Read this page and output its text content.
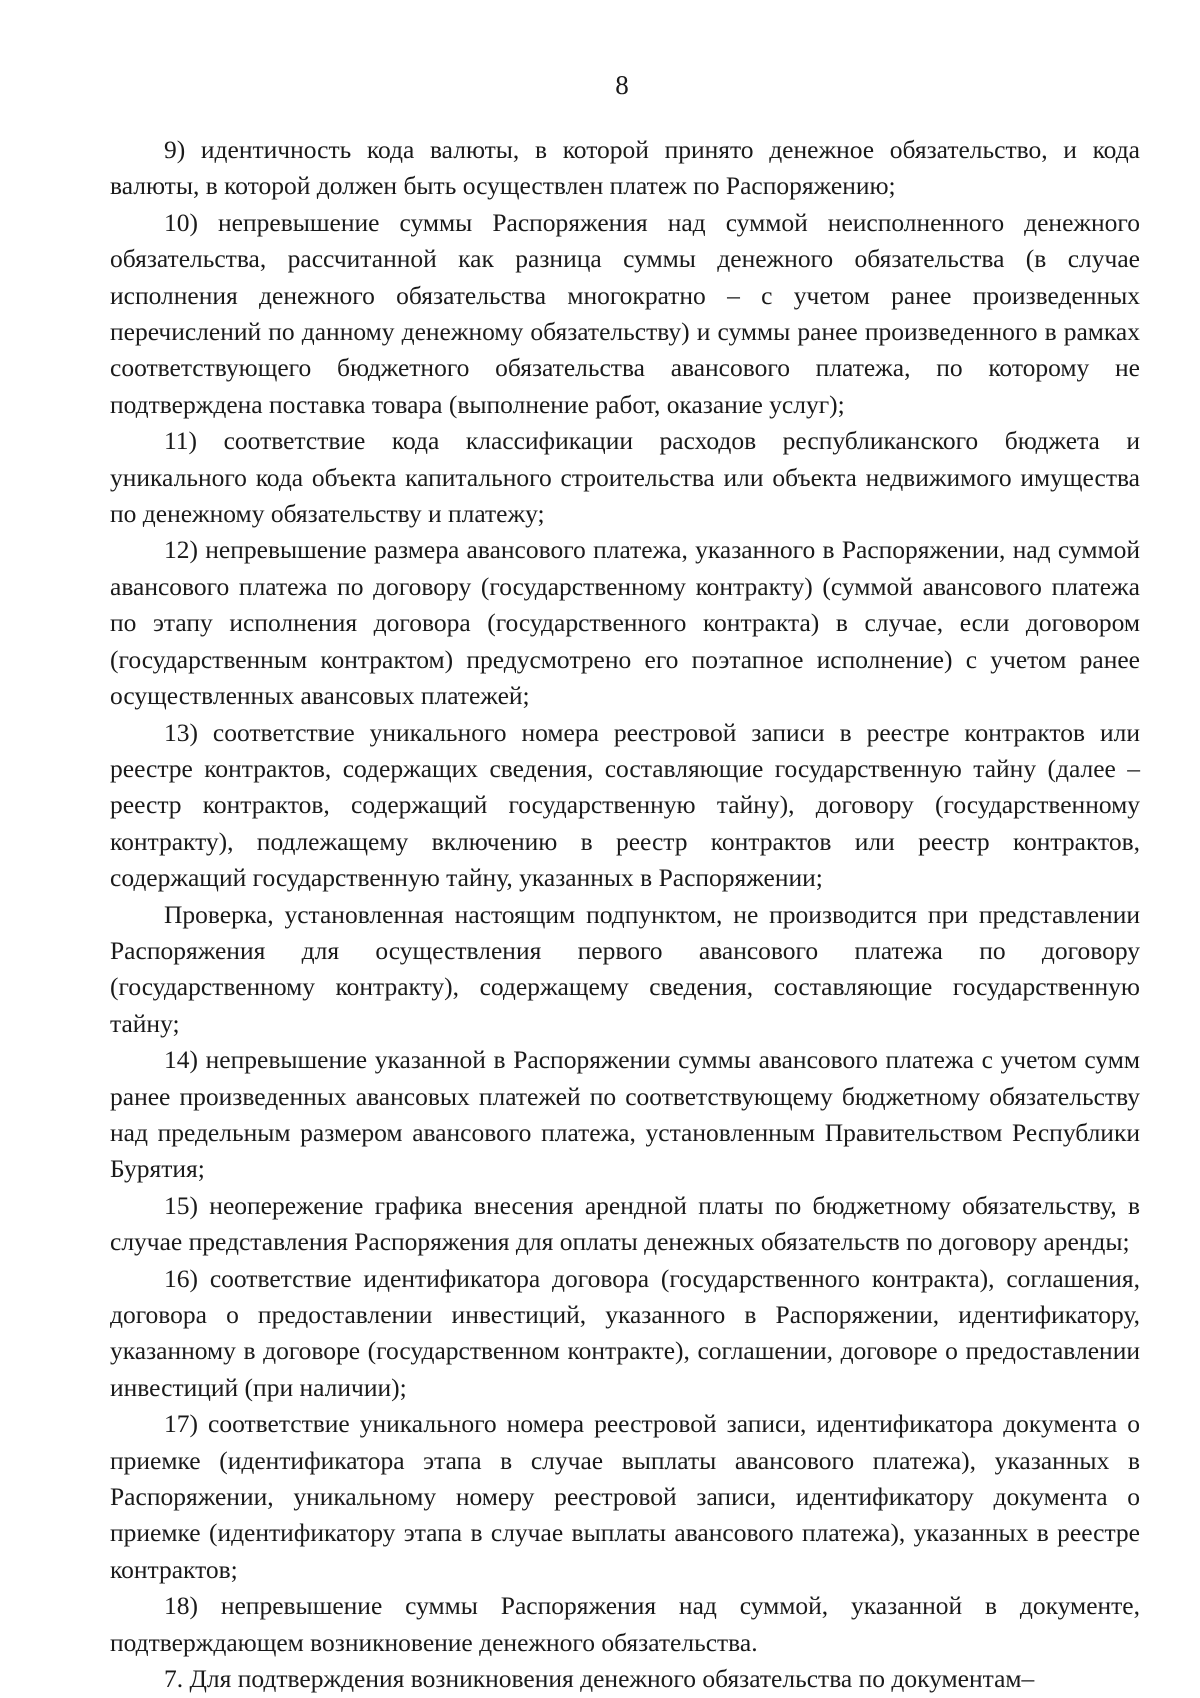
8

9) идентичность кода валюты, в которой принято денежное обязательство, и кода валюты, в которой должен быть осуществлен платеж по Распоряжению;

10) непревышение суммы Распоряжения над суммой неисполненного денежного обязательства, рассчитанной как разница суммы денежного обязательства (в случае исполнения денежного обязательства многократно – с учетом ранее произведенных перечислений по данному денежному обязательству) и суммы ранее произведенного в рамках соответствующего бюджетного обязательства авансового платежа, по которому не подтверждена поставка товара (выполнение работ, оказание услуг);

11) соответствие кода классификации расходов республиканского бюджета и уникального кода объекта капитального строительства или объекта недвижимого имущества по денежному обязательству и платежу;

12) непревышение размера авансового платежа, указанного в Распоряжении, над суммой авансового платежа по договору (государственному контракту) (суммой авансового платежа по этапу исполнения договора (государственного контракта) в случае, если договором (государственным контрактом) предусмотрено его поэтапное исполнение) с учетом ранее осуществленных авансовых платежей;

13) соответствие уникального номера реестровой записи в реестре контрактов или реестре контрактов, содержащих сведения, составляющие государственную тайну (далее – реестр контрактов, содержащий государственную тайну), договору (государственному контракту), подлежащему включению в реестр контрактов или реестр контрактов, содержащий государственную тайну, указанных в Распоряжении;

Проверка, установленная настоящим подпунктом, не производится при представлении Распоряжения для осуществления первого авансового платежа по договору (государственному контракту), содержащему сведения, составляющие государственную тайну;

14) непревышение указанной в Распоряжении суммы авансового платежа с учетом сумм ранее произведенных авансовых платежей по соответствующему бюджетному обязательству над предельным размером авансового платежа, установленным Правительством Республики Бурятия;

15) неопережение графика внесения арендной платы по бюджетному обязательству, в случае представления Распоряжения для оплаты денежных обязательств по договору аренды;

16) соответствие идентификатора договора (государственного контракта), соглашения, договора о предоставлении инвестиций, указанного в Распоряжении, идентификатору, указанному в договоре (государственном контракте), соглашении, договоре о предоставлении инвестиций (при наличии);

17) соответствие уникального номера реестровой записи, идентификатора документа о приемке (идентификатора этапа в случае выплаты авансового платежа), указанных в Распоряжении, уникальному номеру реестровой записи, идентификатору документа о приемке (идентификатору этапа в случае выплаты авансового платежа), указанных в реестре контрактов;

18) непревышение суммы Распоряжения над суммой, указанной в документе, подтверждающем возникновение денежного обязательства.

7. Для подтверждения возникновения денежного обязательства по документам–
